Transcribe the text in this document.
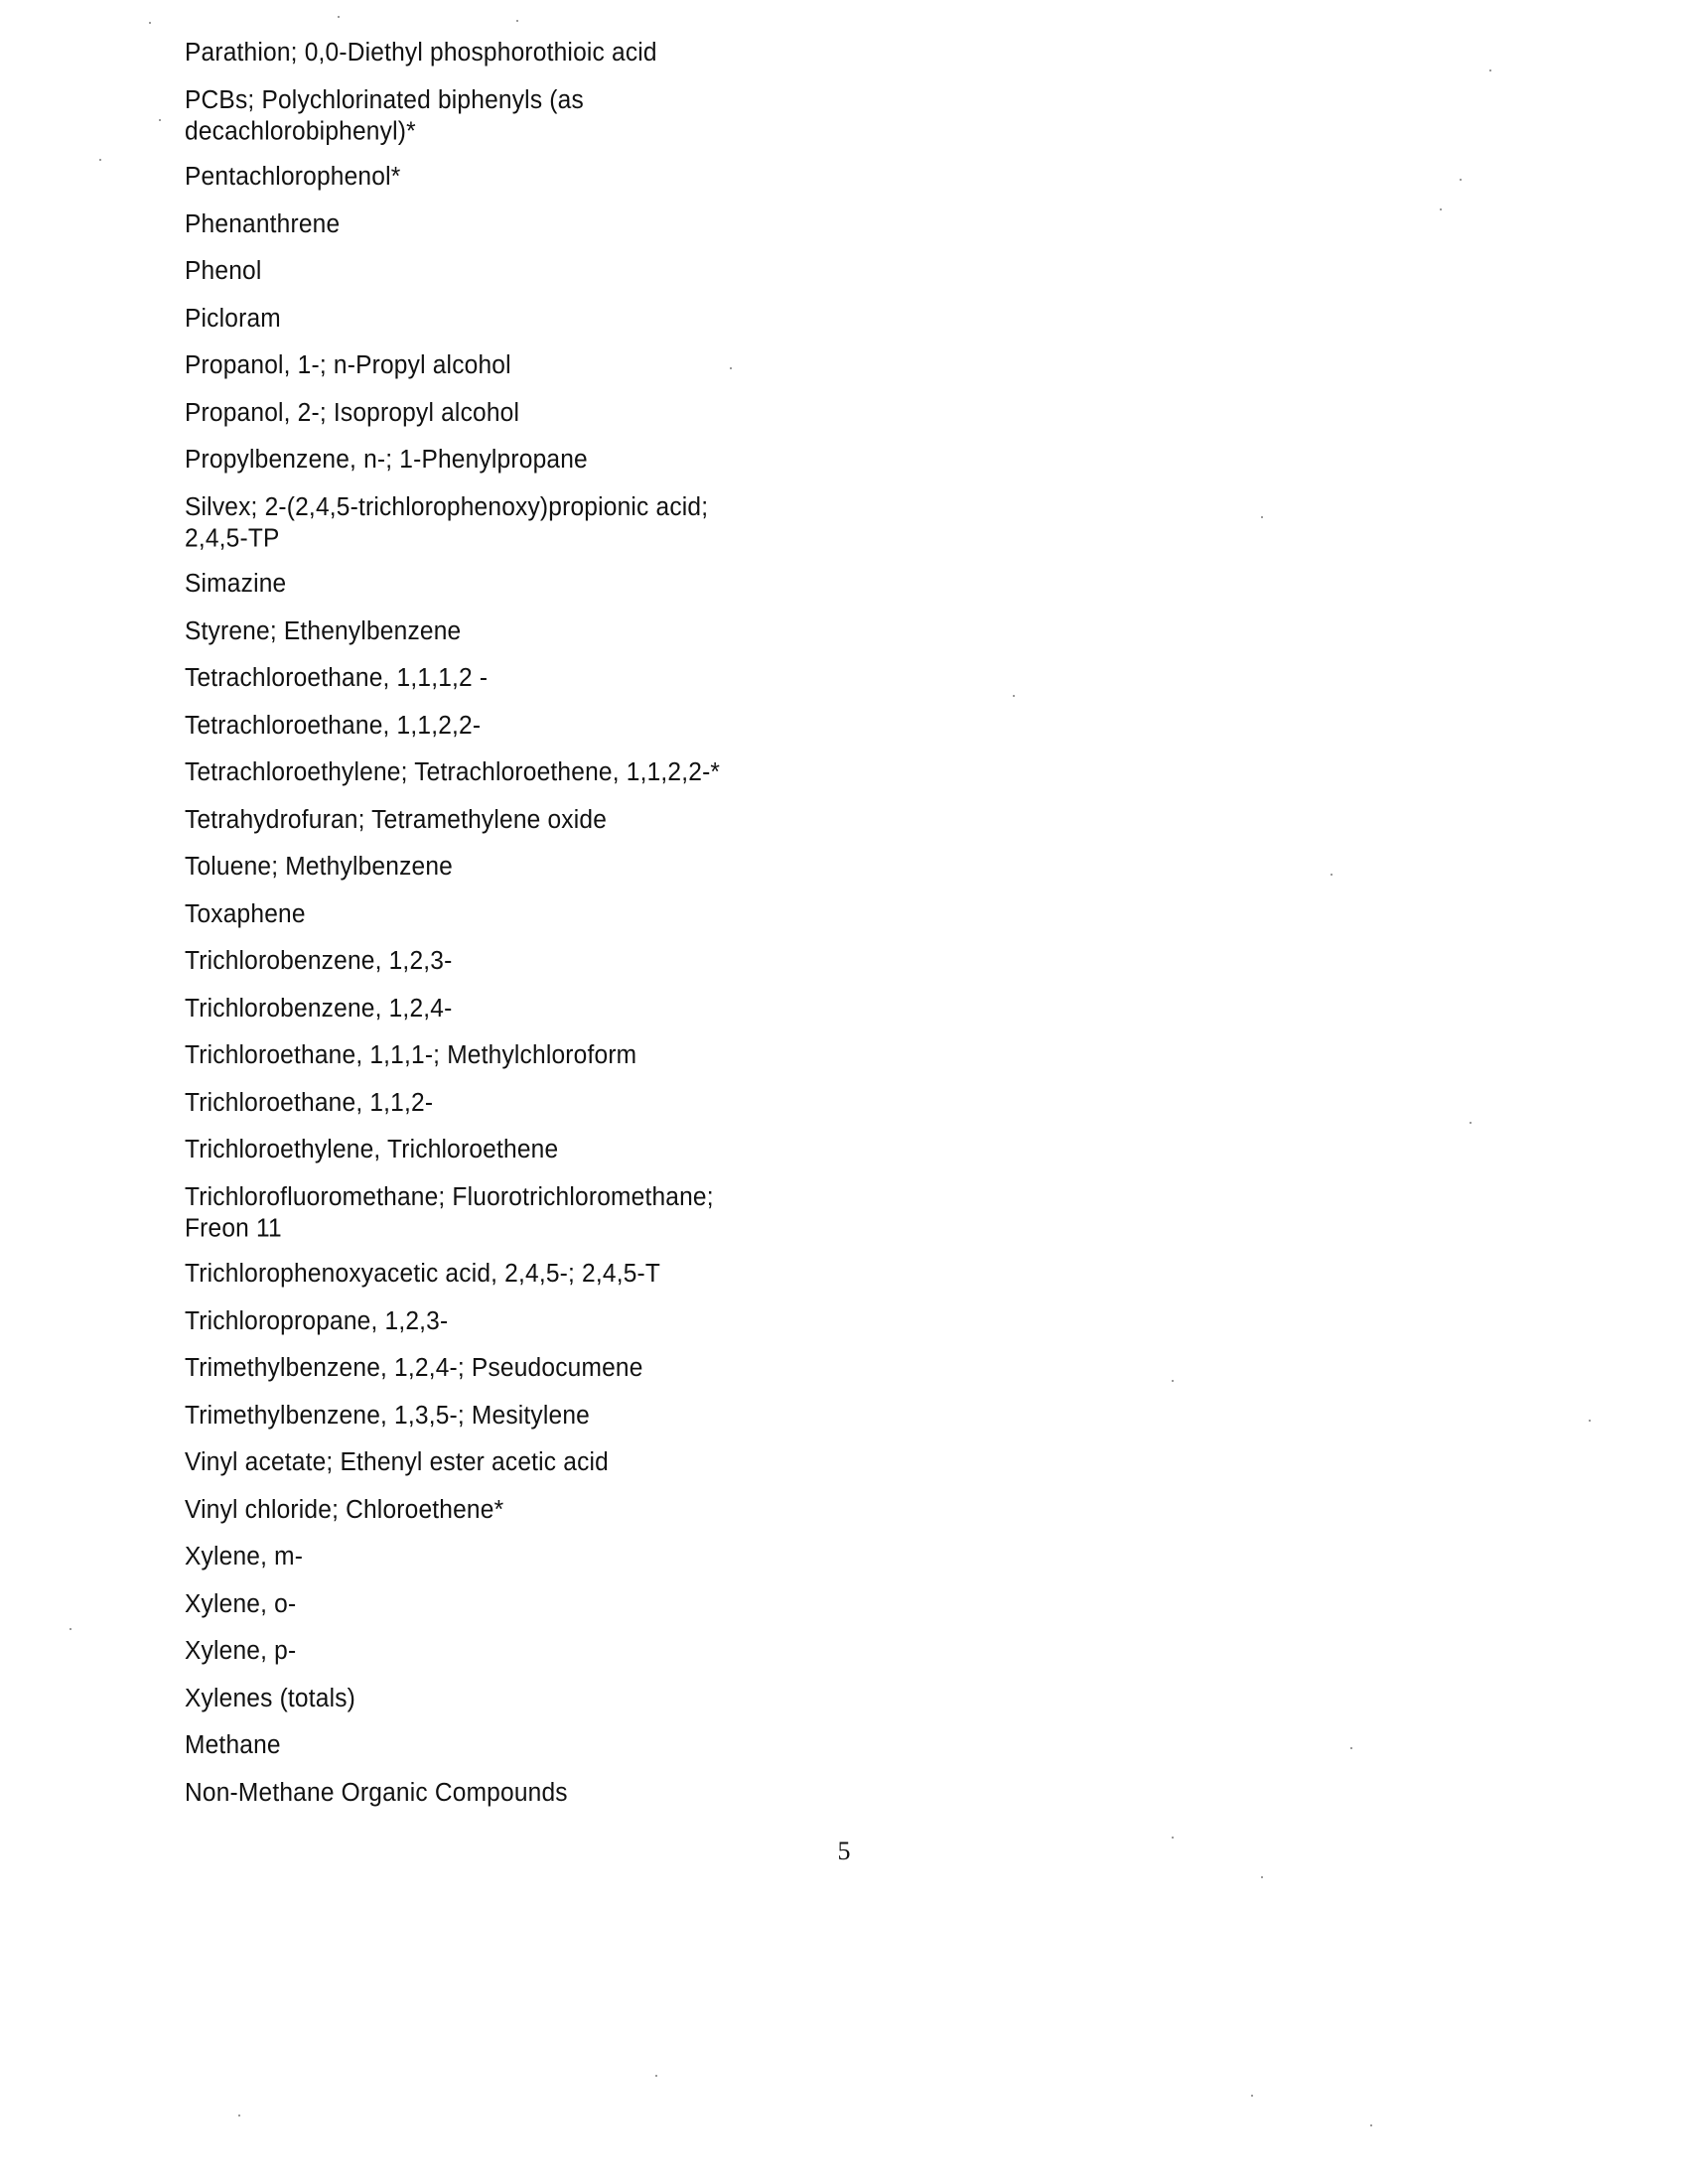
Parathion; 0,0-Diethyl phosphorothioic acid
PCBs; Polychlorinated biphenyls (as
decachlorobiphenyl)*
Pentachlorophenol*
Phenanthrene
Phenol
Picloram
Propanol, 1-; n-Propyl alcohol
Propanol, 2-; Isopropyl alcohol
Propylbenzene, n-; 1-Phenylpropane
Silvex; 2-(2,4,5-trichlorophenoxy)propionic acid;
2,4,5-TP
Simazine
Styrene; Ethenylbenzene
Tetrachloroethane, 1,1,1,2 -
Tetrachloroethane, 1,1,2,2-
Tetrachloroethylene; Tetrachloroethene, 1,1,2,2-*
Tetrahydrofuran; Tetramethylene oxide
Toluene; Methylbenzene
Toxaphene
Trichlorobenzene, 1,2,3-
Trichlorobenzene, 1,2,4-
Trichloroethane, 1,1,1-; Methylchloroform
Trichloroethane, 1,1,2-
Trichloroethylene, Trichloroethene
Trichlorofluoromethane; Fluorotrichloromethane;
Freon 11
Trichlorophenoxyacetic acid, 2,4,5-; 2,4,5-T
Trichloropropane, 1,2,3-
Trimethylbenzene, 1,2,4-; Pseudocumene
Trimethylbenzene, 1,3,5-; Mesitylene
Vinyl acetate; Ethenyl ester acetic acid
Vinyl chloride; Chloroethene*
Xylene, m-
Xylene, o-
Xylene, p-
Xylenes (totals)
Methane
Non-Methane Organic Compounds
5
